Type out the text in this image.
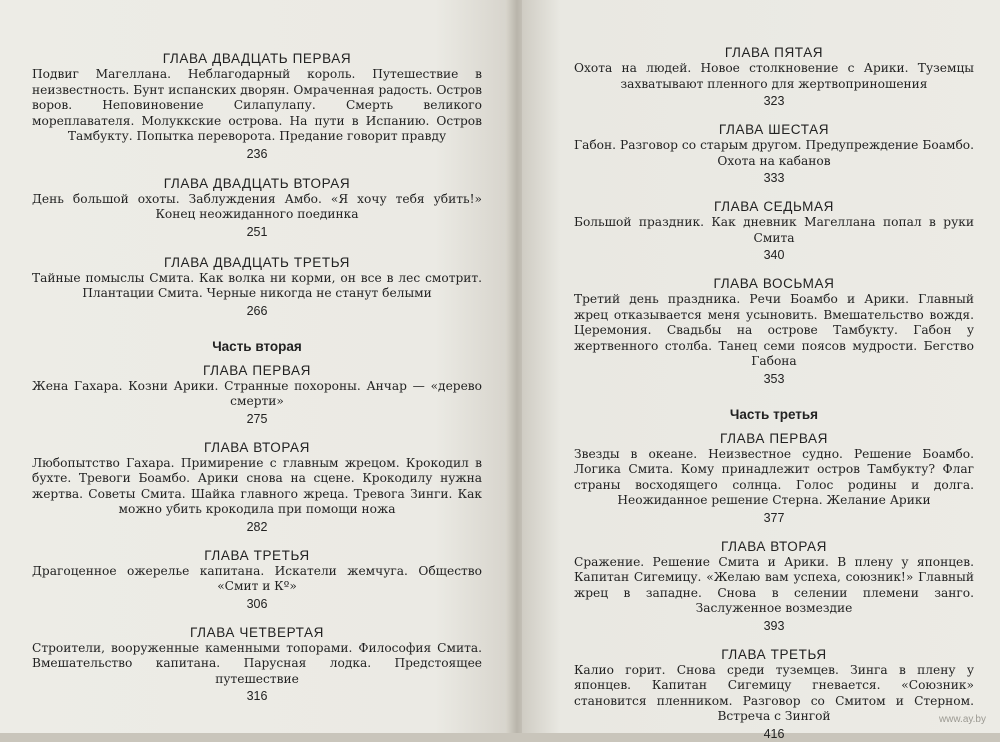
ГЛАВА ДВАДЦАТЬ ПЕРВАЯ

Подвиг Магеллана. Неблагодарный король. Путешествие в неизвестность. Бунт испанских дворян. Омраченная радость. Остров воров. Неповиновение Силапулапу. Смерть великого мореплавателя. Молуккские острова. На пути в Испанию. Остров Тамбукту. Попытка переворота. Предание говорит правду

236

ГЛАВА ДВАДЦАТЬ ВТОРАЯ

День большой охоты. Заблуждения Амбо. «Я хочу тебя убить!» Конец неожиданного поединка

251

ГЛАВА ДВАДЦАТЬ ТРЕТЬЯ

Тайные помыслы Смита. Как волка ни корми, он все в лес смотрит. Плантации Смита. Черные никогда не станут белыми

266

Часть вторая

ГЛАВА ПЕРВАЯ

Жена Гахара. Козни Арики. Странные похороны. Анчар — «дерево смерти»

275

ГЛАВА ВТОРАЯ

Любопытство Гахара. Примирение с главным жрецом. Крокодил в бухте. Тревоги Боамбо. Арики снова на сцене. Крокодилу нужна жертва. Советы Смита. Шайка главного жреца. Тревога Зинги. Как можно убить крокодила при помощи ножа

282

ГЛАВА ТРЕТЬЯ

Драгоценное ожерелье капитана. Искатели жемчуга. Общество «Смит и Кº»

306

ГЛАВА ЧЕТВЕРТАЯ

Строители, вооруженные каменными топорами. Философия Смита. Вмешательство капитана. Парусная лодка. Предстоящее путешествие

316

ГЛАВА ПЯТАЯ

Охота на людей. Новое столкновение с Арики. Туземцы захватывают пленного для жертвоприношения

323

ГЛАВА ШЕСТАЯ

Габон. Разговор со старым другом. Предупреждение Боамбо. Охота на кабанов

333

ГЛАВА СЕДЬМАЯ

Большой праздник. Как дневник Магеллана попал в руки Смита

340

ГЛАВА ВОСЬМАЯ

Третий день праздника. Речи Боамбо и Арики. Главный жрец отказывается меня усыновить. Вмешательство вождя. Церемония. Свадьбы на острове Тамбукту. Габон у жертвенного столба. Танец семи поясов мудрости. Бегство Габона

353

Часть третья

ГЛАВА ПЕРВАЯ

Звезды в океане. Неизвестное судно. Решение Боамбо. Логика Смита. Кому принадлежит остров Тамбукту? Флаг страны восходящего солнца. Голос родины и долга. Неожиданное решение Стерна. Желание Арики

377

ГЛАВА ВТОРАЯ

Сражение. Решение Смита и Арики. В плену у японцев. Капитан Сигемицу. «Желаю вам успеха, союзник!» Главный жрец в западне. Снова в селении племени занго. Заслуженное возмездие

393

ГЛАВА ТРЕТЬЯ

Калио горит. Снова среди туземцев. Зинга в плену у японцев. Капитан Сигемицу гневается. «Союзник» становится пленником. Разговор со Смитом и Стерном. Встреча с Зингой

416

www.ay.by
